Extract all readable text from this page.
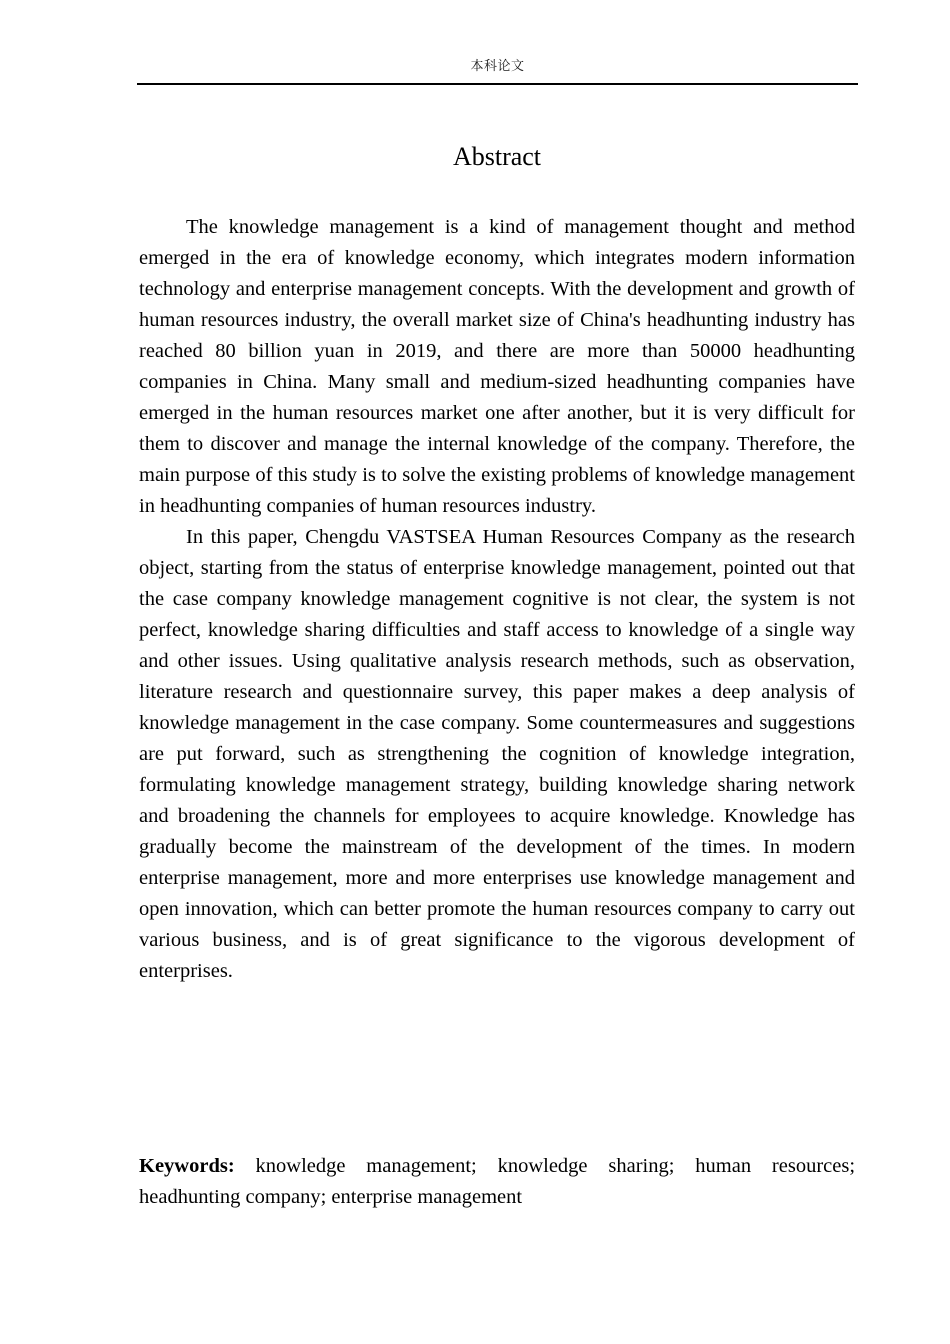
本科论文
Abstract

The knowledge management is a kind of management thought and method emerged in the era of knowledge economy, which integrates modern information technology and enterprise management concepts. With the development and growth of human resources industry, the overall market size of China's headhunting industry has reached 80 billion yuan in 2019, and there are more than 50000 headhunting companies in China. Many small and medium-sized headhunting companies have emerged in the human resources market one after another, but it is very difficult for them to discover and manage the internal knowledge of the company. Therefore, the main purpose of this study is to solve the existing problems of knowledge management in headhunting companies of human resources industry.

In this paper, Chengdu VASTSEA Human Resources Company as the research object, starting from the status of enterprise knowledge management, pointed out that the case company knowledge management cognitive is not clear, the system is not perfect, knowledge sharing difficulties and staff access to knowledge of a single way and other issues. Using qualitative analysis research methods, such as observation, literature research and questionnaire survey, this paper makes a deep analysis of knowledge management in the case company. Some countermeasures and suggestions are put forward, such as strengthening the cognition of knowledge integration, formulating knowledge management strategy, building knowledge sharing network and broadening the channels for employees to acquire knowledge. Knowledge has gradually become the mainstream of the development of the times. In modern enterprise management, more and more enterprises use knowledge management and open innovation, which can better promote the human resources company to carry out various business, and is of great significance to the vigorous development of enterprises.

Keywords: knowledge management; knowledge sharing; human resources; headhunting company; enterprise management
